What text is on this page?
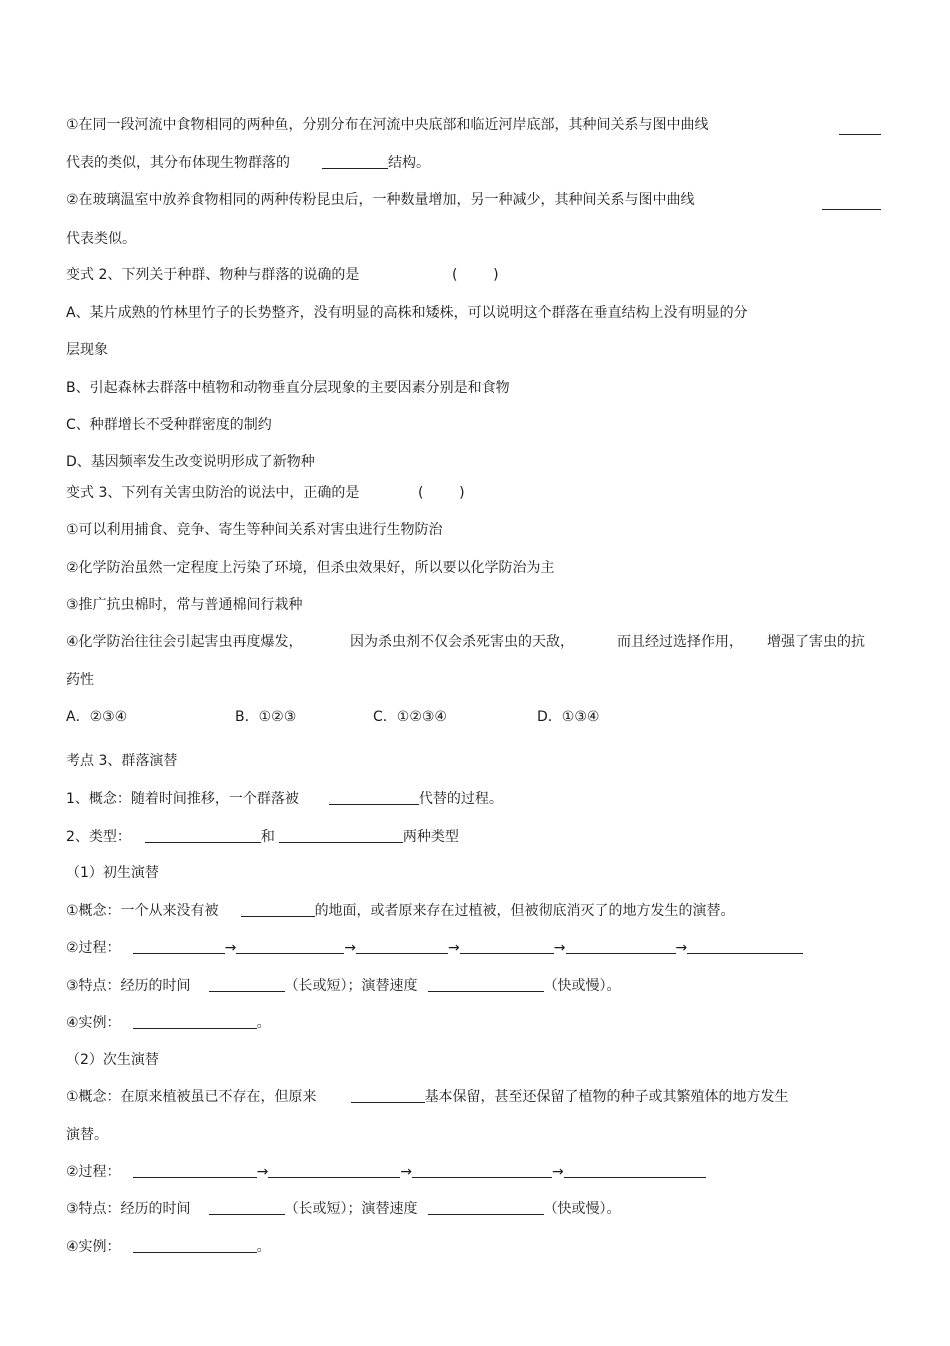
①在同一段河流中食物相同的两种鱼，分别分布在河流中央底部和临近河岸底部，其种间关系与图中曲线
代表的类似，其分布体现生物群落的	结构。
②在玻璃温室中放养食物相同的两种传粉昆虫后，一种数量增加，另一种减少，其种间关系与图中曲线
代表类似。
变式 2、下列关于种群、物种与群落的说确的是	(        )
A、某片成熟的竹林里竹子的长势整齐，没有明显的高株和矮株，可以说明这个群落在垂直结构上没有明显的分
层现象
B、引起森林去群落中植物和动物垂直分层现象的主要因素分别是和食物
C、种群增长不受种群密度的制约
D、基因频率发生改变说明形成了新物种
变式 3、下列有关害虫防治的说法中，正确的是	(        )
①可以利用捕食、竞争、寄生等种间关系对害虫进行生物防治
②化学防治虽然一定程度上污染了环境，但杀虫效果好，所以要以化学防治为主
③推广抗虫棉时，常与普通棉间行栽种
④化学防治往往会引起害虫再度爆发，	因为杀虫剂不仅会杀死害虫的天敌，	而且经过选择作用， 增强了害虫的抗
药性
A．②③④	B．①②③	C．①②③④	D．①③④
考点 3、群落演替
1、概念：随着时间推移，一个群落被	代替的过程。
2、类型：	和	两种类型
（1）初生演替
①概念：一个从来没有被	的地面，或者原来存在过植被，但被彻底消灭了的地方发生的演替。
②过程：	→	→	→	→	→
③特点：经历的时间	（长或短）；演替速度	（快或慢）。
④实例：	。
（2）次生演替
①概念：在原来植被虽已不存在，但原来	基本保留，甚至还保留了植物的种子或其繁殖体的地方发生
演替。
②过程：	→	→	→
③特点：经历的时间	（长或短）；演替速度	（快或慢）。
④实例：	。
